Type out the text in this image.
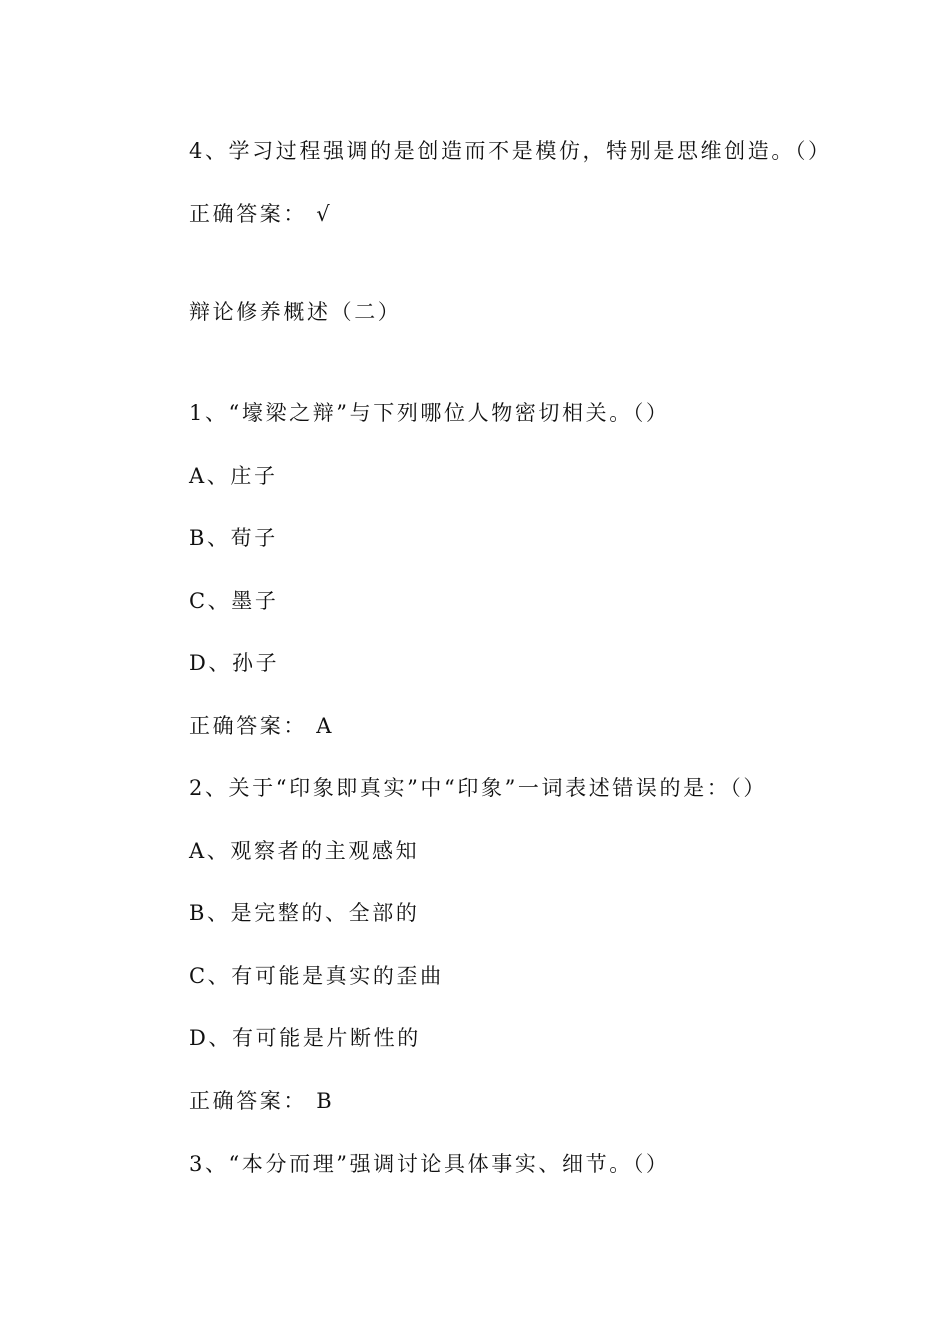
4、学习过程强调的是创造而不是模仿，特别是思维创造。（）
正确答案： √
辩论修养概述（二）
1、“壕梁之辩”与下列哪位人物密切相关。（）
A、庄子
B、荀子
C、墨子
D、孙子
正确答案： A
2、关于“印象即真实”中“印象”一词表述错误的是：（）
A、观察者的主观感知
B、是完整的、全部的
C、有可能是真实的歪曲
D、有可能是片断性的
正确答案： B
3、“本分而理”强调讨论具体事实、细节。（）
